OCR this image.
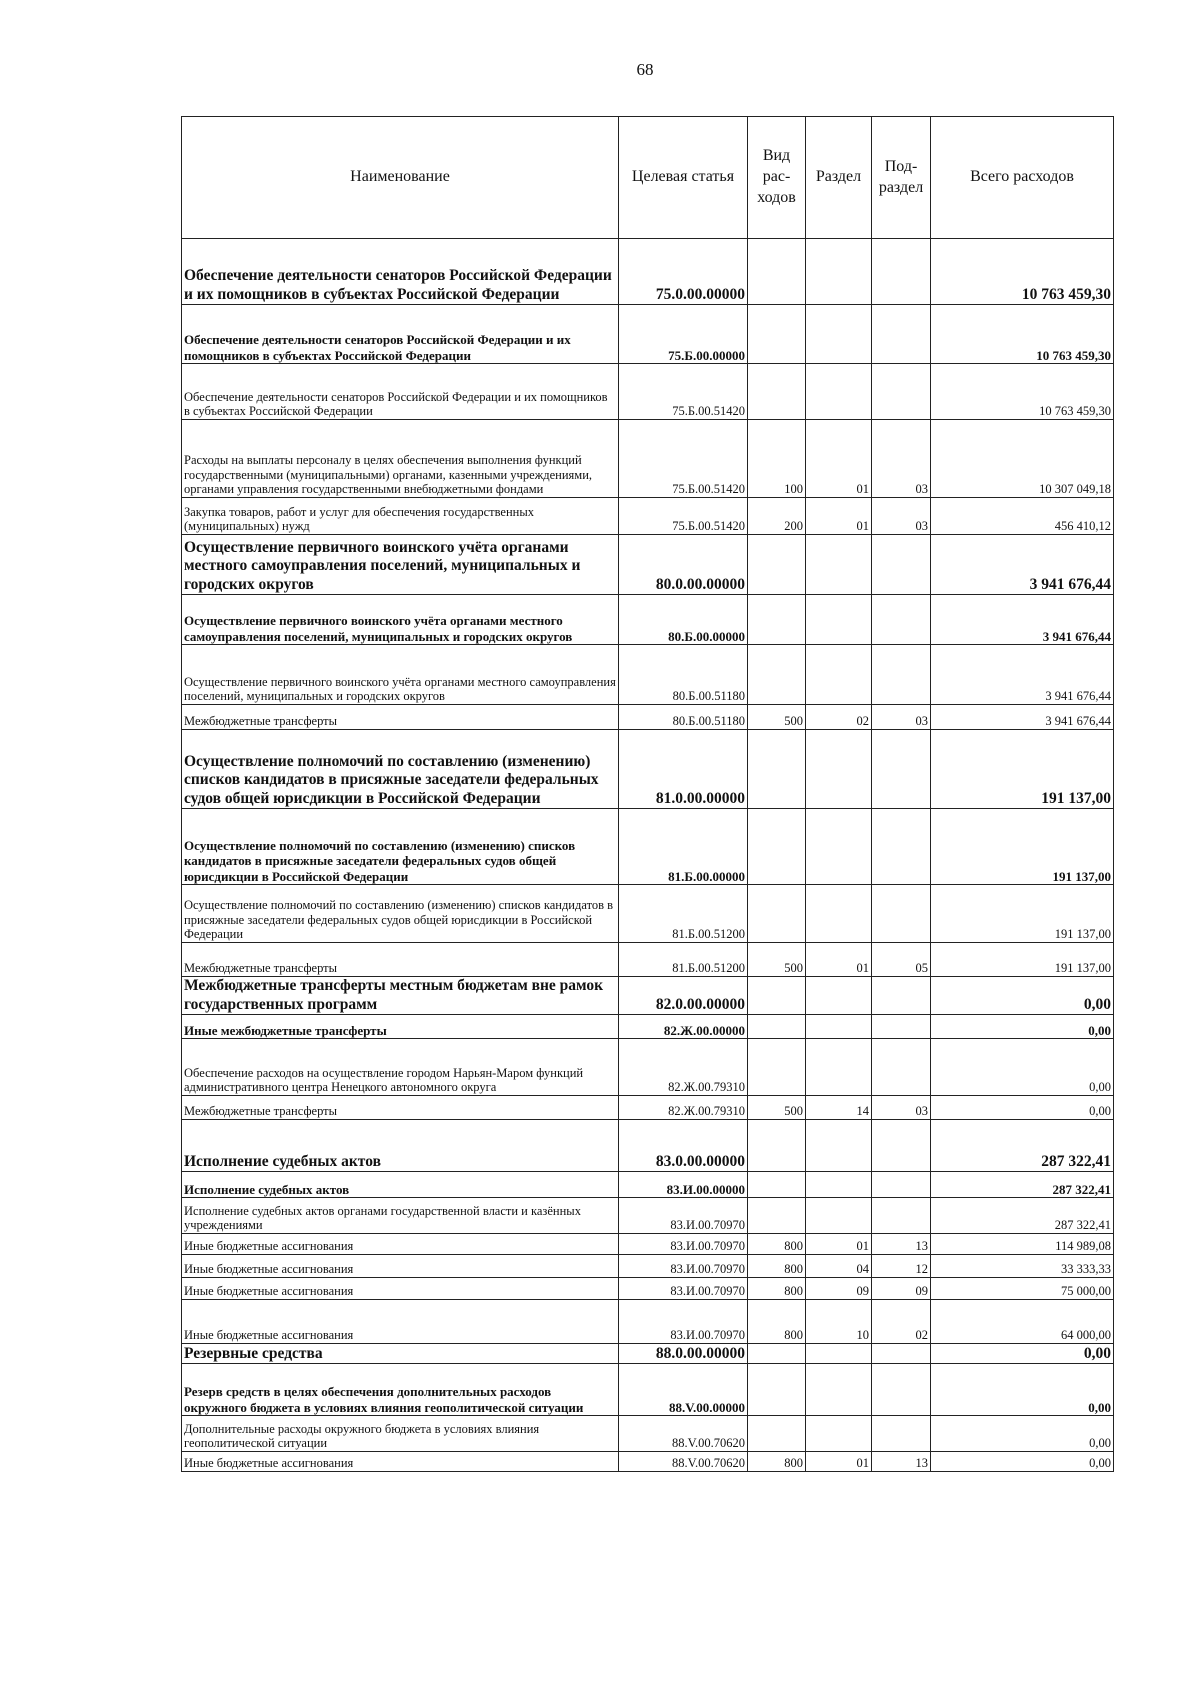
68
Наименование	Целевая статья	Вид рас-ходов	Раздел	Под-раздел	Всего расходов
Обеспечение деятельности сенаторов Российской Федерации и их помощников в субъектах Российской Федерации	75.0.00.00000				10 763 459,30
Обеспечение деятельности сенаторов Российской Федерации и их помощников в субъектах Российской Федерации	75.Б.00.00000				10 763 459,30
Обеспечение деятельности сенаторов Российской Федерации и их помощников в субъектах Российской Федерации	75.Б.00.51420				10 763 459,30
Расходы на выплаты персоналу в целях обеспечения выполнения функций государственными (муниципальными) органами, казенными учреждениями, органами управления государственными внебюджетными фондами	75.Б.00.51420	100	01	03	10 307 049,18
Закупка товаров, работ и услуг для обеспечения государственных (муниципальных) нужд	75.Б.00.51420	200	01	03	456 410,12
Осуществление первичного воинского учёта органами местного самоуправления поселений, муниципальных и городских округов	80.0.00.00000				3 941 676,44
Осуществление первичного воинского учёта органами местного самоуправления поселений, муниципальных и городских округов	80.Б.00.00000				3 941 676,44
Осуществление первичного воинского учёта органами местного самоуправления поселений, муниципальных и городских округов	80.Б.00.51180				3 941 676,44
Межбюджетные трансферты	80.Б.00.51180	500	02	03	3 941 676,44
Осуществление полномочий по составлению (изменению) списков кандидатов в присяжные заседатели федеральных судов общей юрисдикции в Российской Федерации	81.0.00.00000				191 137,00
Осуществление полномочий по составлению (изменению) списков кандидатов в присяжные заседатели федеральных судов общей юрисдикции в Российской Федерации	81.Б.00.00000				191 137,00
Осуществление полномочий по составлению (изменению) списков кандидатов в присяжные заседатели федеральных судов общей юрисдикции в Российской Федерации	81.Б.00.51200				191 137,00
Межбюджетные трансферты	81.Б.00.51200	500	01	05	191 137,00
Межбюджетные трансферты местным бюджетам вне рамок государственных программ	82.0.00.00000				0,00
Иные межбюджетные трансферты	82.Ж.00.00000				0,00
Обеспечение расходов на осуществление городом Нарьян-Маром функций административного центра Ненецкого автономного округа	82.Ж.00.79310				0,00
Межбюджетные трансферты	82.Ж.00.79310	500	14	03	0,00
Исполнение судебных актов	83.0.00.00000				287 322,41
Исполнение судебных актов	83.И.00.00000				287 322,41
Исполнение судебных актов органами государственной власти и казённых учреждениями	83.И.00.70970				287 322,41
Иные бюджетные ассигнования	83.И.00.70970	800	01	13	114 989,08
Иные бюджетные ассигнования	83.И.00.70970	800	04	12	33 333,33
Иные бюджетные ассигнования	83.И.00.70970	800	09	09	75 000,00
Иные бюджетные ассигнования	83.И.00.70970	800	10	02	64 000,00
Резервные средства	88.0.00.00000				0,00
Резерв средств в целях обеспечения дополнительных расходов окружного бюджета в условиях влияния геополитической ситуации	88.V.00.00000				0,00
Дополнительные расходы окружного бюджета в условиях влияния геополитической ситуации	88.V.00.70620				0,00
Иные бюджетные ассигнования	88.V.00.70620	800	01	13	0,00
